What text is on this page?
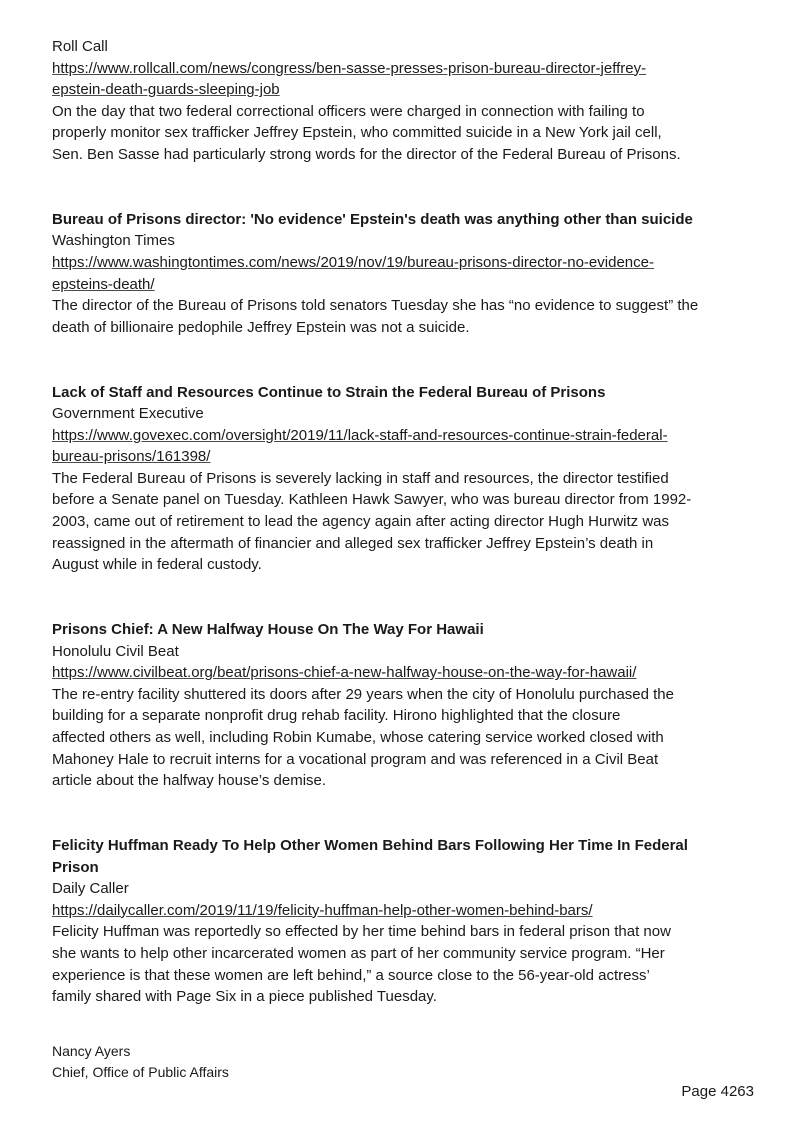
Roll Call
https://www.rollcall.com/news/congress/ben-sasse-presses-prison-bureau-director-jeffrey-
epstein-death-guards-sleeping-job
On the day that two federal correctional officers were charged in connection with failing to
properly monitor sex trafficker Jeffrey Epstein, who committed suicide in a New York jail cell,
Sen. Ben Sasse had particularly strong words for the director of the Federal Bureau of Prisons.
Bureau of Prisons director: 'No evidence' Epstein's death was anything other than suicide
Washington Times
https://www.washingtontimes.com/news/2019/nov/19/bureau-prisons-director-no-evidence-
epsteins-death/
The director of the Bureau of Prisons told senators Tuesday she has “no evidence to suggest” the
death of billionaire pedophile Jeffrey Epstein was not a suicide.
Lack of Staff and Resources Continue to Strain the Federal Bureau of Prisons
Government Executive
https://www.govexec.com/oversight/2019/11/lack-staff-and-resources-continue-strain-federal-
bureau-prisons/161398/
The Federal Bureau of Prisons is severely lacking in staff and resources, the director testified
before a Senate panel on Tuesday. Kathleen Hawk Sawyer, who was bureau director from 1992-
2003, came out of retirement to lead the agency again after acting director Hugh Hurwitz was
reassigned in the aftermath of financier and alleged sex trafficker Jeffrey Epstein’s death in
August while in federal custody.
Prisons Chief: A New Halfway House On The Way For Hawaii
Honolulu Civil Beat
https://www.civilbeat.org/beat/prisons-chief-a-new-halfway-house-on-the-way-for-hawaii/
The re-entry facility shuttered its doors after 29 years when the city of Honolulu purchased the
building for a separate nonprofit drug rehab facility. Hirono highlighted that the closure
affected others as well, including Robin Kumabe, whose catering service worked closed with
Mahoney Hale to recruit interns for a vocational program and was referenced in a Civil Beat
article about the halfway house’s demise.
Felicity Huffman Ready To Help Other Women Behind Bars Following Her Time In Federal
Prison
Daily Caller
https://dailycaller.com/2019/11/19/felicity-huffman-help-other-women-behind-bars/
Felicity Huffman was reportedly so effected by her time behind bars in federal prison that now
she wants to help other incarcerated women as part of her community service program. “Her
experience is that these women are left behind,” a source close to the 56-year-old actress’
family shared with Page Six in a piece published Tuesday.
Nancy Ayers
Chief, Office of Public Affairs
Page 4263
